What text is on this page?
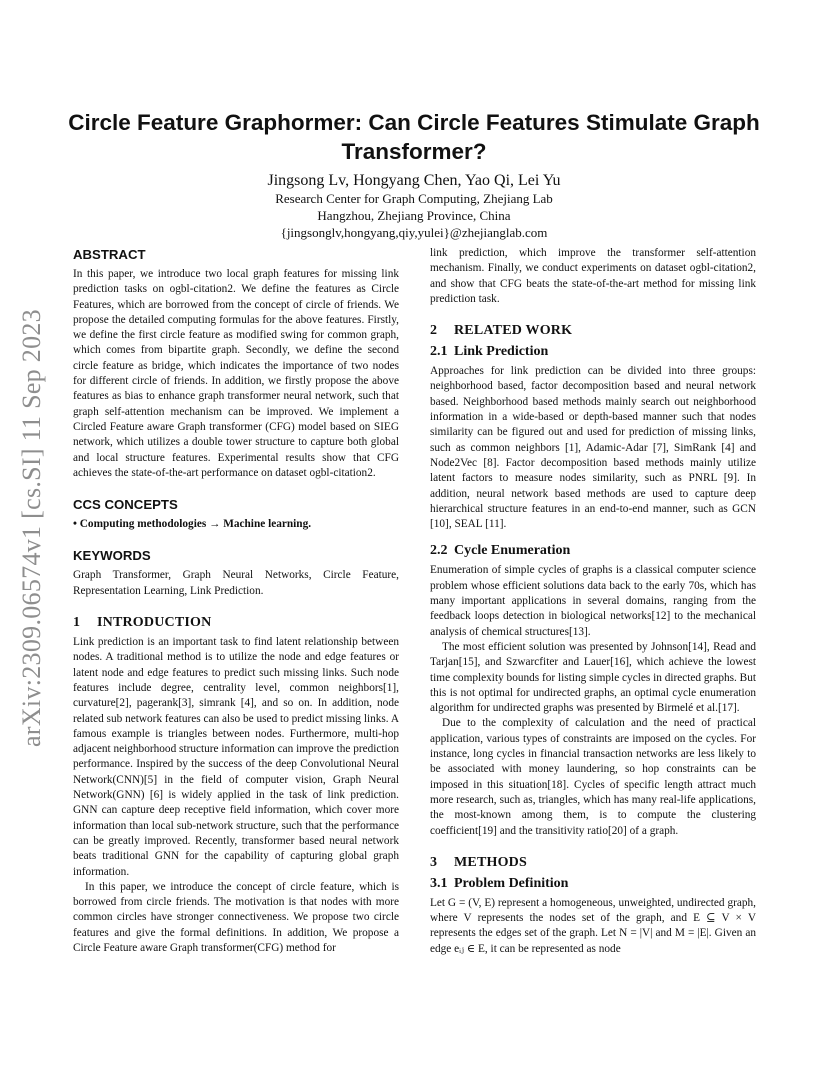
arXiv:2309.06574v1 [cs.SI] 11 Sep 2023
Circle Feature Graphormer: Can Circle Features Stimulate Graph Transformer?
Jingsong Lv, Hongyang Chen, Yao Qi, Lei Yu
Research Center for Graph Computing, Zhejiang Lab
Hangzhou, Zhejiang Province, China
{jingsonglv,hongyang,qiy,yulei}@zhejianglab.com
ABSTRACT

In this paper, we introduce two local graph features for missing link prediction tasks on ogbl-citation2. We define the features as Circle Features, which are borrowed from the concept of circle of friends. We propose the detailed computing formulas for the above features. Firstly, we define the first circle feature as modified swing for common graph, which comes from bipartite graph. Secondly, we define the second circle feature as bridge, which indicates the importance of two nodes for different circle of friends. In addition, we firstly propose the above features as bias to enhance graph transformer neural network, such that graph self-attention mechanism can be improved. We implement a Circled Feature aware Graph transformer (CFG) model based on SIEG network, which utilizes a double tower structure to capture both global and local structure features. Experimental results show that CFG achieves the state-of-the-art performance on dataset ogbl-citation2.

CCS CONCEPTS

• Computing methodologies → Machine learning.

KEYWORDS

Graph Transformer, Graph Neural Networks, Circle Feature, Representation Learning, Link Prediction.

1 INTRODUCTION

Link prediction is an important task to find latent relationship between nodes. A traditional method is to utilize the node and edge features or latent node and edge features to predict such missing links. Such node features include degree, centrality level, common neighbors[1], curvature[2], pagerank[3], simrank [4], and so on. In addition, node related sub network features can also be used to predict missing links. A famous example is triangles between nodes. Furthermore, multi-hop adjacent neighborhood structure information can improve the prediction performance. Inspired by the success of the deep Convolutional Neural Network(CNN)[5] in the field of computer vision, Graph Neural Network(GNN) [6] is widely applied in the task of link prediction. GNN can capture deep receptive field information, which cover more information than local sub-network structure, such that the performance can be greatly improved. Recently, transformer based neural network beats traditional GNN for the capability of capturing global graph information.

In this paper, we introduce the concept of circle feature, which is borrowed from circle friends. The motivation is that nodes with more common circles have stronger connectiveness. We propose two circle features and give the formal definitions. In addition, We propose a Circle Feature aware Graph transformer(CFG) method for

link prediction, which improve the transformer self-attention mechanism. Finally, we conduct experiments on dataset ogbl-citation2, and show that CFG beats the state-of-the-art method for missing link prediction task.

2 RELATED WORK
2.1 Link Prediction

Approaches for link prediction can be divided into three groups: neighborhood based, factor decomposition based and neural network based. Neighborhood based methods mainly search out neighborhood information in a wide-based or depth-based manner such that nodes similarity can be figured out and used for prediction of missing links, such as common neighbors [1], Adamic-Adar [7], SimRank [4] and Node2Vec [8]. Factor decomposition based methods mainly utilize latent factors to measure nodes similarity, such as PNRL [9]. In addition, neural network based methods are used to capture deep hierarchical structure features in an end-to-end manner, such as GCN [10], SEAL [11].

2.2 Cycle Enumeration

Enumeration of simple cycles of graphs is a classical computer science problem whose efficient solutions data back to the early 70s, which has many important applications in several domains, ranging from the feedback loops detection in biological networks[12] to the mechanical analysis of chemical structures[13].

The most efficient solution was presented by Johnson[14], Read and Tarjan[15], and Szwarcfiter and Lauer[16], which achieve the lowest time complexity bounds for listing simple cycles in directed graphs. But this is not optimal for undirected graphs, an optimal cycle enumeration algorithm for undirected graphs was presented by Birmelé et al.[17].

Due to the complexity of calculation and the need of practical application, various types of constraints are imposed on the cycles. For instance, long cycles in financial transaction networks are less likely to be associated with money laundering, so hop constraints can be imposed in this situation[18]. Cycles of specific length attract much more research, such as, triangles, which has many real-life applications, the most-known among them, is to compute the clustering coefficient[19] and the transitivity ratio[20] of a graph.

3 METHODS
3.1 Problem Definition

Let G = (V, E) represent a homogeneous, unweighted, undirected graph, where V represents the nodes set of the graph, and E ⊆ V × V represents the edges set of the graph. Let N = |V| and M = |E|. Given an edge eᵢⱼ ∈ E, it can be represented as node
